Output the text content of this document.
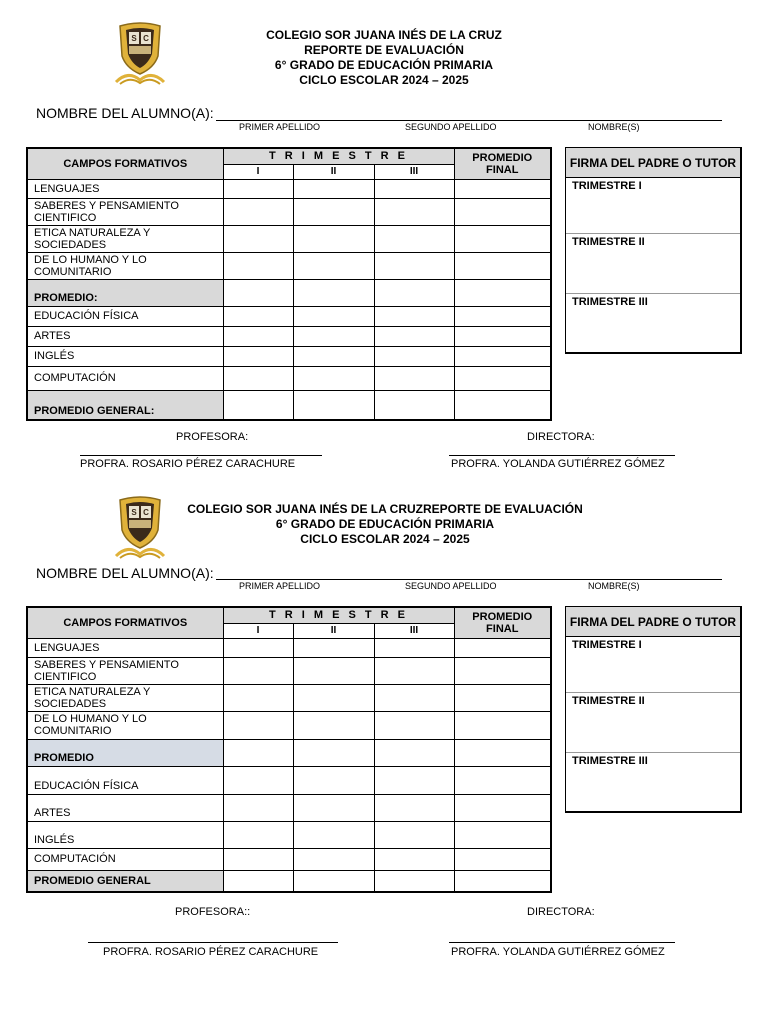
S C	COLEGIO SOR JUANA INÉS DE LA CRUZ
REPORTE DE EVALUACIÓN
6° GRADO DE EDUCACIÓN PRIMARIA
CICLO ESCOLAR 2024 – 2025
NOMBRE DEL ALUMNO(A):
PRIMER APELLIDO	SEGUNDO APELLIDO	NOMBRE(S)
CAMPOS FORMATIVOS	T R I M E S T R E			PROMEDIO
FINAL
	I	II	III	
LENGUAJES				
SABERES Y PENSAMIENTO CIENTIFICO				
ETICA NATURALEZA Y SOCIEDADES				
DE LO HUMANO Y LO COMUNITARIO				
PROMEDIO:				
EDUCACIÓN FÍSICA				
ARTES				
INGLÉS				
COMPUTACIÓN				
PROMEDIO GENERAL:				
FIRMA DEL PADRE O TUTOR
TRIMESTRE I
TRIMESTRE II
TRIMESTRE III
PROFESORA:	DIRECTORA:
PROFRA. ROSARIO PÉREZ CARACHURE	PROFRA. YOLANDA GUTIÉRREZ GÓMEZ
S C	COLEGIO SOR JUANA INÉS DE LA CRUZREPORTE DE EVALUACIÓN
6° GRADO DE EDUCACIÓN PRIMARIA
CICLO ESCOLAR 2024 – 2025
NOMBRE DEL ALUMNO(A):
PRIMER APELLIDO	SEGUNDO APELLIDO	NOMBRE(S)
CAMPOS FORMATIVOS	T R I M E S T R E			PROMEDIO
FINAL
	I	II	III	
LENGUAJES				
SABERES Y PENSAMIENTO CIENTIFICO				
ETICA NATURALEZA Y SOCIEDADES				
DE LO HUMANO Y LO COMUNITARIO				
PROMEDIO				
EDUCACIÓN FÍSICA				
ARTES				
INGLÉS				
COMPUTACIÓN				
PROMEDIO GENERAL				
FIRMA DEL PADRE O TUTOR
TRIMESTRE I
TRIMESTRE II
TRIMESTRE III
PROFESORA::	DIRECTORA:
PROFRA. ROSARIO PÉREZ CARACHURE	PROFRA. YOLANDA GUTIÉRREZ GÓMEZ
